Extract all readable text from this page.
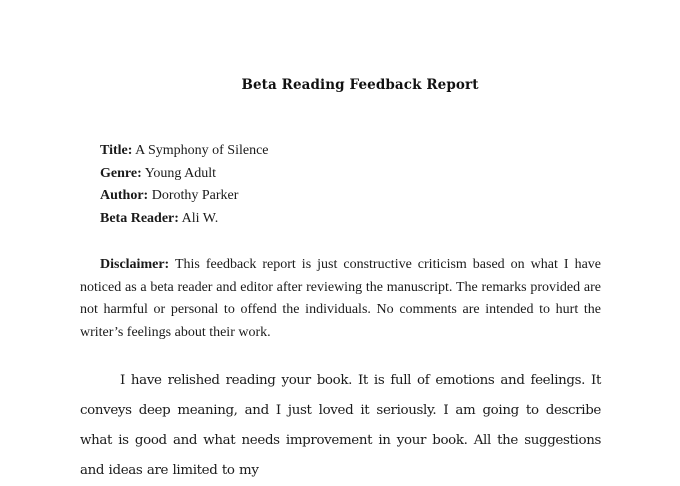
Beta Reading Feedback Report
Title: A Symphony of Silence
Genre: Young Adult
Author: Dorothy Parker
Beta Reader: Ali W.

Disclaimer: This feedback report is just constructive criticism based on what I have noticed as a beta reader and editor after reviewing the manuscript. The remarks provided are not harmful or personal to offend the individuals. No comments are intended to hurt the writer’s feelings about their work.

I have relished reading your book. It is full of emotions and feelings. It conveys deep meaning, and I just loved it seriously. I am going to describe what is good and what needs improvement in your book. All the suggestions and ideas are limited to my
